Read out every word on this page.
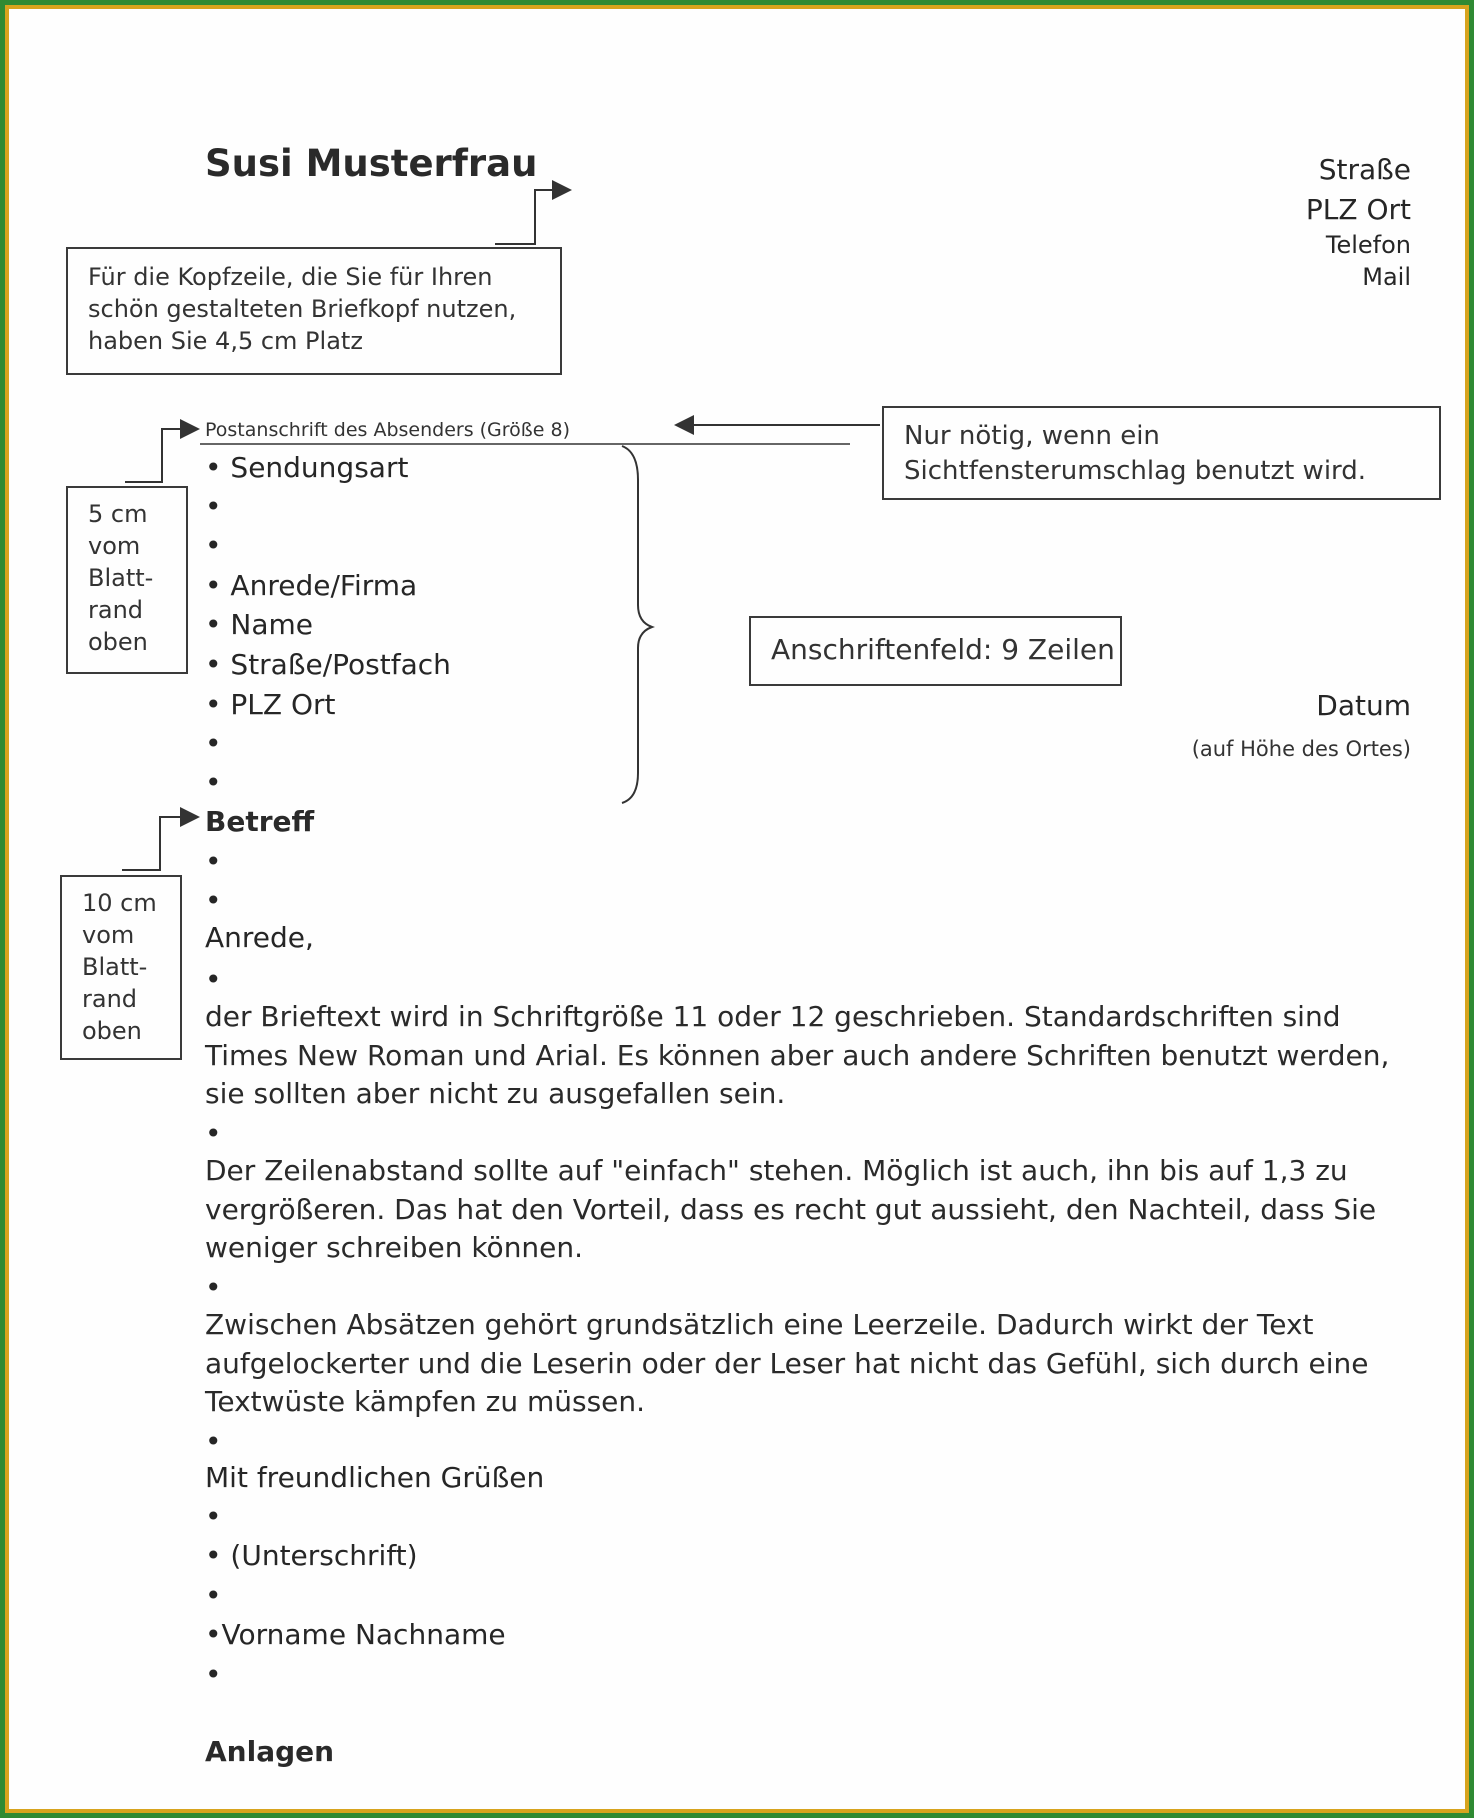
Susi Musterfrau	Straße
PLZ Ort
Telefon
Mail
Für die Kopfzeile, die Sie für Ihren schön gestalteten Briefkopf nutzen, haben Sie 4,5 cm Platz
Postanschrift des Absenders (Größe 8)	Nur nötig, wenn ein Sichtfensterumschlag benutzt wird.
5 cm
vom
Blatt-
rand
oben
• Sendungsart
•
•
• Anrede/Firma
• Name
• Straße/Postfach
• PLZ Ort
•
•
Anschriftenfeld: 9 Zeilen
Datum
(auf Höhe des Ortes)
Betreff
•
•
10 cm
vom
Blatt-
rand
oben
Anrede,
•
der Brieftext wird in Schriftgröße 11 oder 12 geschrieben. Standardschriften sind Times New Roman und Arial. Es können aber auch andere Schriften benutzt werden, sie sollten aber nicht zu ausgefallen sein.
•
Der Zeilenabstand sollte auf "einfach" stehen. Möglich ist auch, ihn bis auf 1,3 zu vergrößeren. Das hat den Vorteil, dass es recht gut aussieht, den Nachteil, dass Sie weniger schreiben können.
•
Zwischen Absätzen gehört grundsätzlich eine Leerzeile. Dadurch wirkt der Text aufgelockerter und die Leserin oder der Leser hat nicht das Gefühl, sich durch eine Textwüste kämpfen zu müssen.
•
Mit freundlichen Grüßen
•
• (Unterschrift)
•
•Vorname Nachname
•
Anlagen
